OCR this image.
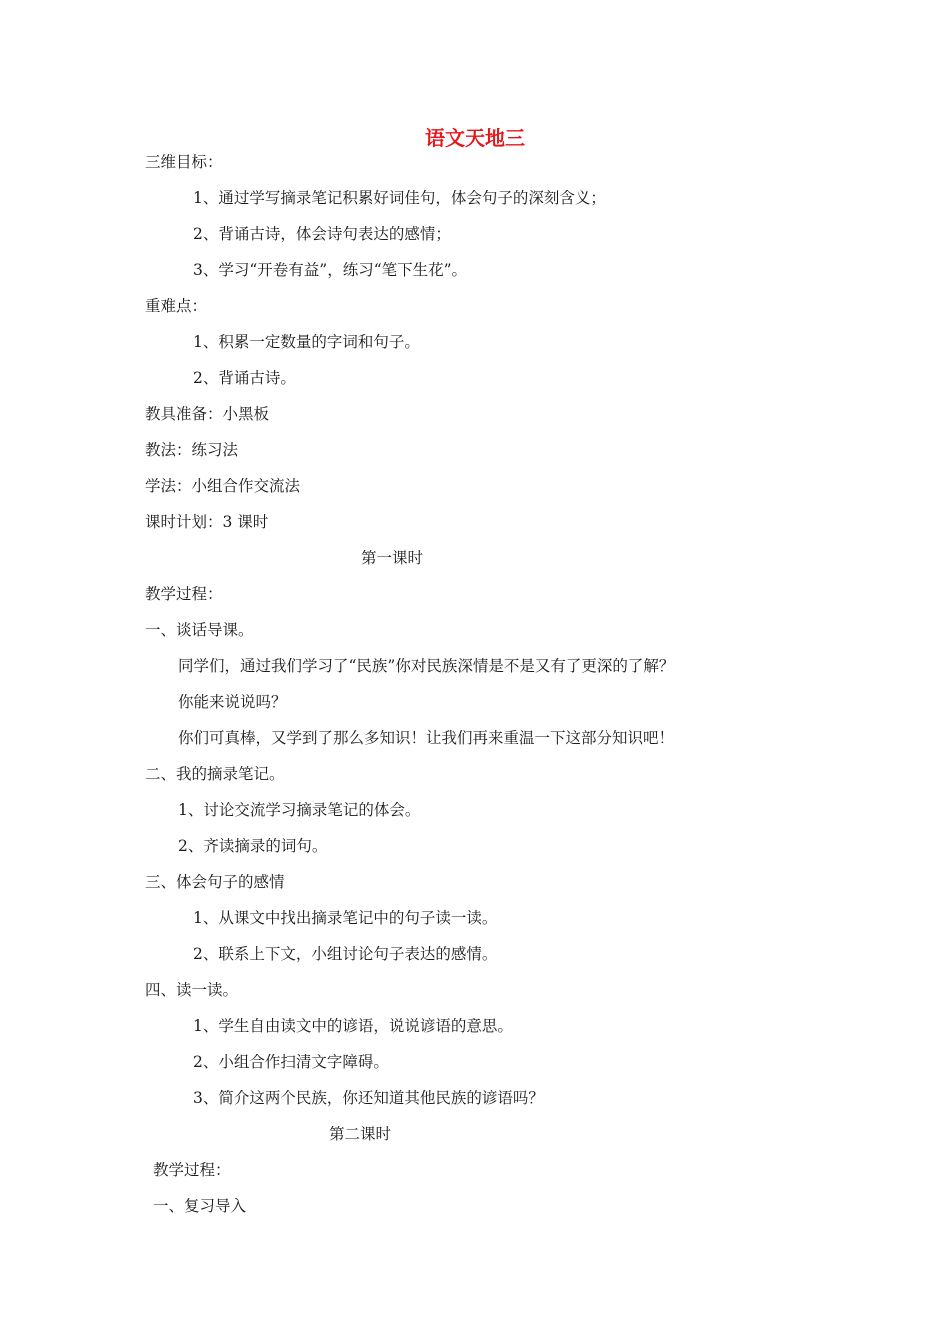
语文天地三
三维目标：
1、通过学写摘录笔记积累好词佳句，体会句子的深刻含义；
2、背诵古诗，体会诗句表达的感情；
3、学习“开卷有益”，练习“笔下生花”。
重难点：
1、积累一定数量的字词和句子。
2、背诵古诗。
教具准备：小黑板
教法：练习法
学法：小组合作交流法
课时计划：3 课时
第一课时
教学过程：
一、谈话导课。
同学们，通过我们学习了“民族”你对民族深情是不是又有了更深的了解？
你能来说说吗？
你们可真棒，又学到了那么多知识！让我们再来重温一下这部分知识吧！
二、我的摘录笔记。
1、讨论交流学习摘录笔记的体会。
2、齐读摘录的词句。
三、体会句子的感情
1、从课文中找出摘录笔记中的句子读一读。
2、联系上下文，小组讨论句子表达的感情。
四、读一读。
1、学生自由读文中的谚语，说说谚语的意思。
2、小组合作扫清文字障碍。
3、简介这两个民族，你还知道其他民族的谚语吗？
第二课时
教学过程：
一、复习导入
